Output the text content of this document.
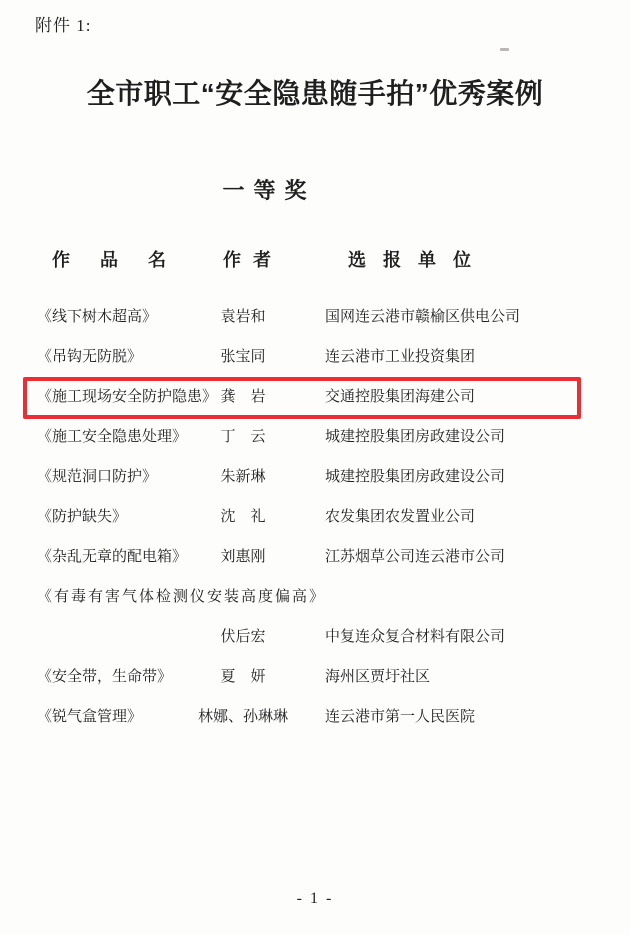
附件 1:
全市职工“安全隐患随手拍”优秀案例
一等奖
作品名	作者	选报单位
《线下树木超高》	袁岩和	国网连云港市赣榆区供电公司
《吊钩无防脱》	张宝同	连云港市工业投资集团
《施工现场安全防护隐患》 龚　岩	交通控股集团海建公司
《施工安全隐患处理》	丁　云	城建控股集团房政建设公司
《规范洞口防护》	朱新琳	城建控股集团房政建设公司
《防护缺失》	沈　礼	农发集团农发置业公司
《杂乱无章的配电箱》	刘惠刚	江苏烟草公司连云港市公司
《有毒有害气体检测仪安装高度偏高》
伏后宏	中复连众复合材料有限公司
《安全带，生命带》	夏　妍	海州区贾圩社区
《锐气盒管理》	林娜、孙琳琳	连云港市第一人民医院
- 1 -
